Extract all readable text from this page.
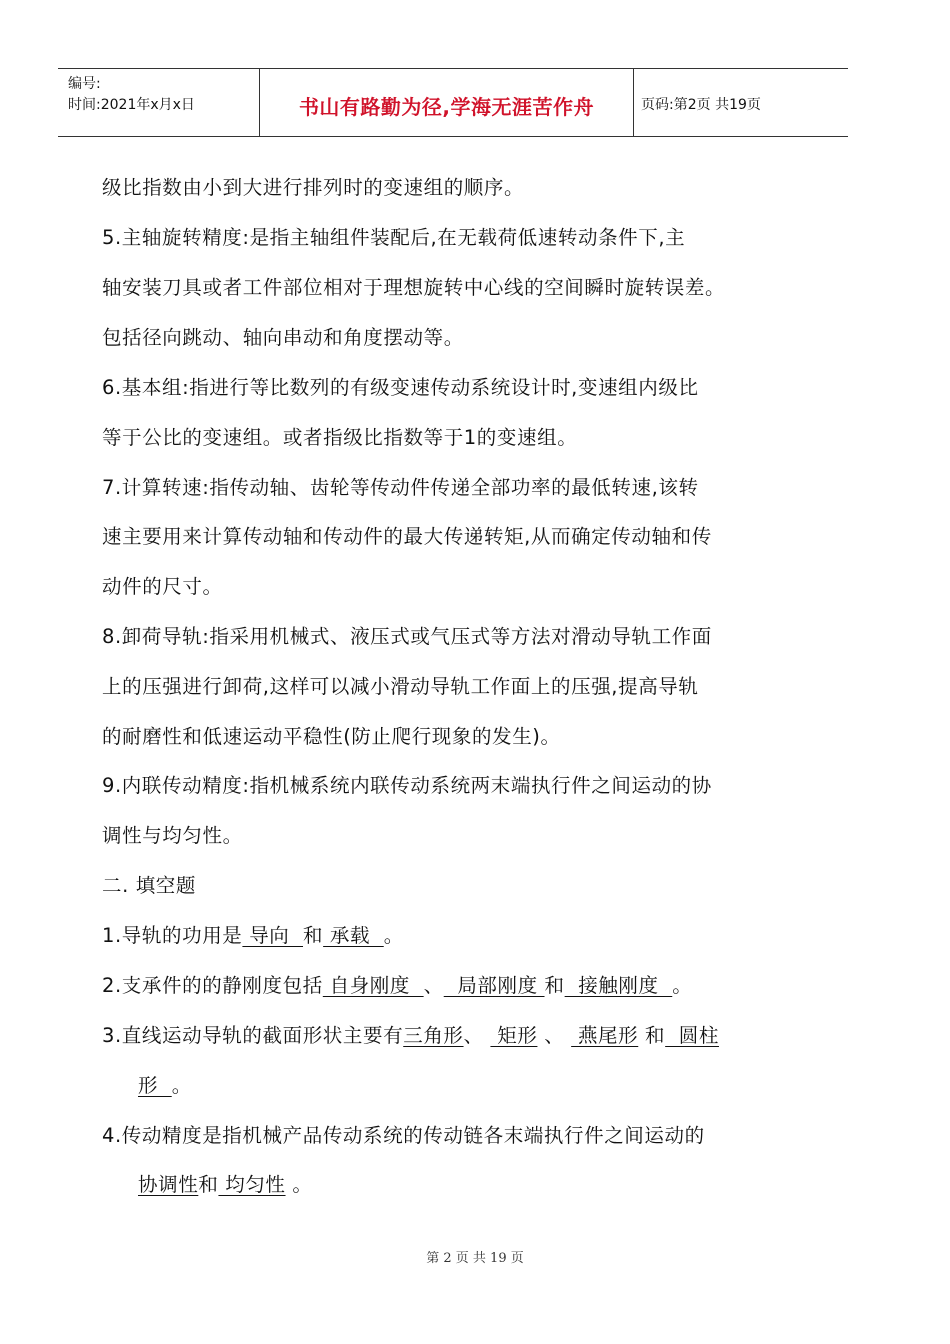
编号:
时间:2021年x月x日	书山有路勤为径,学海无涯苦作舟	页码:第2页 共19页
级比指数由小到大进行排列时的变速组的顺序。
5.主轴旋转精度:是指主轴组件装配后,在无载荷低速转动条件下,主
轴安装刀具或者工件部位相对于理想旋转中心线的空间瞬时旋转误差。
包括径向跳动、轴向串动和角度摆动等。
6.基本组:指进行等比数列的有级变速传动系统设计时,变速组内级比
等于公比的变速组。或者指级比指数等于1的变速组。
7.计算转速:指传动轴、齿轮等传动件传递全部功率的最低转速,该转
速主要用来计算传动轴和传动件的最大传递转矩,从而确定传动轴和传
动件的尺寸。
8.卸荷导轨:指采用机械式、液压式或气压式等方法对滑动导轨工作面
上的压强进行卸荷,这样可以减小滑动导轨工作面上的压强,提高导轨
的耐磨性和低速运动平稳性(防止爬行现象的发生)。
9.内联传动精度:指机械系统内联传动系统两末端执行件之间运动的协
调性与均匀性。
二. 填空题
1.导轨的功用是 导向  和 承载  。
2.支承件的的静刚度包括 自身刚度  、  局部刚度 和  接触刚度  。
3.直线运动导轨的截面形状主要有三角形、  矩形 、  燕尾形 和  圆柱
形  。
4.传动精度是指机械产品传动系统的传动链各末端执行件之间运动的
协调性和 均匀性 。
第 2 页 共 19 页
